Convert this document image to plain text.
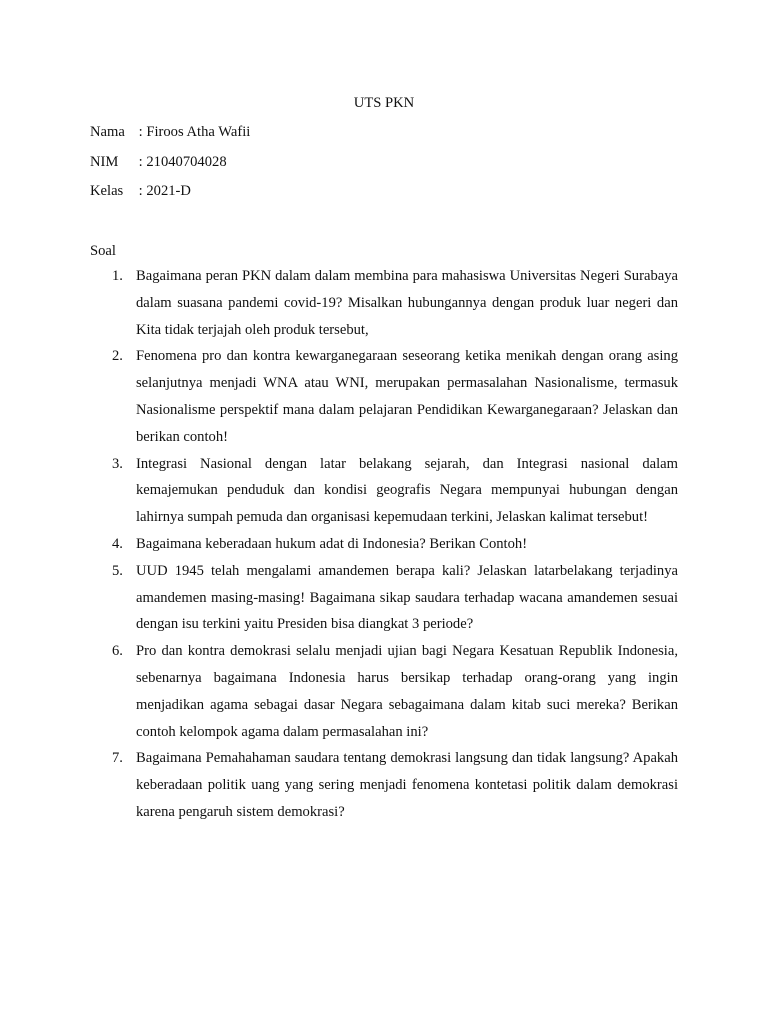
UTS PKN
Nama : Firoos Atha Wafii
NIM : 21040704028
Kelas : 2021-D
Soal
1. Bagaimana peran PKN dalam dalam membina para mahasiswa Universitas Negeri Surabaya dalam suasana pandemi covid-19? Misalkan hubungannya dengan produk luar negeri dan Kita tidak terjajah oleh produk tersebut,
2. Fenomena pro dan kontra kewarganegaraan seseorang ketika menikah dengan orang asing selanjutnya menjadi WNA atau WNI, merupakan permasalahan Nasionalisme, termasuk Nasionalisme perspektif mana dalam pelajaran Pendidikan Kewarganegaraan? Jelaskan dan berikan contoh!
3. Integrasi Nasional dengan latar belakang sejarah, dan Integrasi nasional dalam kemajemukan penduduk dan kondisi geografis Negara mempunyai hubungan dengan lahirnya sumpah pemuda dan organisasi kepemudaan terkini, Jelaskan kalimat tersebut!
4. Bagaimana keberadaan hukum adat di Indonesia? Berikan Contoh!
5. UUD 1945 telah mengalami amandemen berapa kali? Jelaskan latarbelakang terjadinya amandemen masing-masing! Bagaimana sikap saudara terhadap wacana amandemen sesuai dengan isu terkini yaitu Presiden bisa diangkat 3 periode?
6. Pro dan kontra demokrasi selalu menjadi ujian bagi Negara Kesatuan Republik Indonesia, sebenarnya bagaimana Indonesia harus bersikap terhadap orang-orang yang ingin menjadikan agama sebagai dasar Negara sebagaimana dalam kitab suci mereka? Berikan contoh kelompok agama dalam permasalahan ini?
7. Bagaimana Pemahahaman saudara tentang demokrasi langsung dan tidak langsung? Apakah keberadaan politik uang yang sering menjadi fenomena kontetasi politik dalam demokrasi karena pengaruh sistem demokrasi?
